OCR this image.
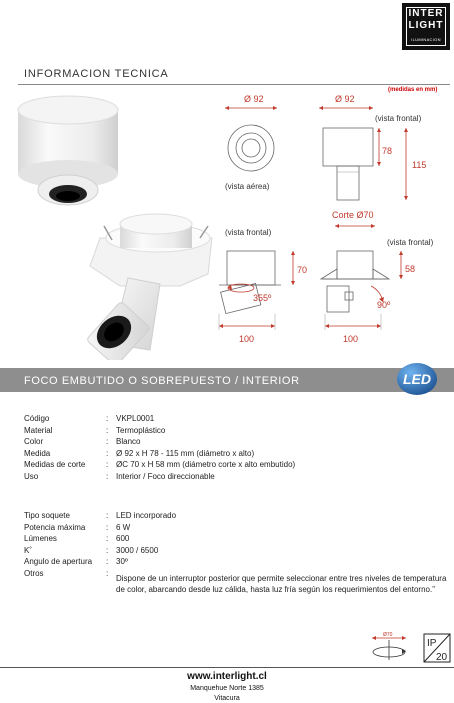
INTER
LIGHT
ILUMINACION
INFORMACION TECNICA
(medidas en mm)
Ø 92
(vista aérea)
Ø 92
(vista frontal)
78
115
(vista frontal)
355º
70
100
Corte Ø70
(vista frontal)
90º
58
100
FOCO EMBUTIDO O SOBREPUESTO / INTERIOR	LED
Código	: VKPL0001
Material	: Termoplástico
Color	: Blanco
Medida	: Ø 92 x H 78 - 115 mm (diámetro x alto)
Medidas de corte	: ØC 70 x H 58 mm (diámetro corte x alto embutido)
Uso	: Interior / Foco direccionable
Tipo soquete	: LED incorporado
Potencia máxima	: 6 W
Lúmenes	: 600
K˚	: 3000 / 6500
Angulo de apertura : 30º
Otros	:
Dispone de un interruptor posterior que permite seleccionar entre tres niveles de temperatura de color, abarcando desde luz cálida, hasta luz fría según los requerimientos del entorno.”
Ø70
IP
20
www.interlight.cl
Manquehue Norte 1385
Vitacura
